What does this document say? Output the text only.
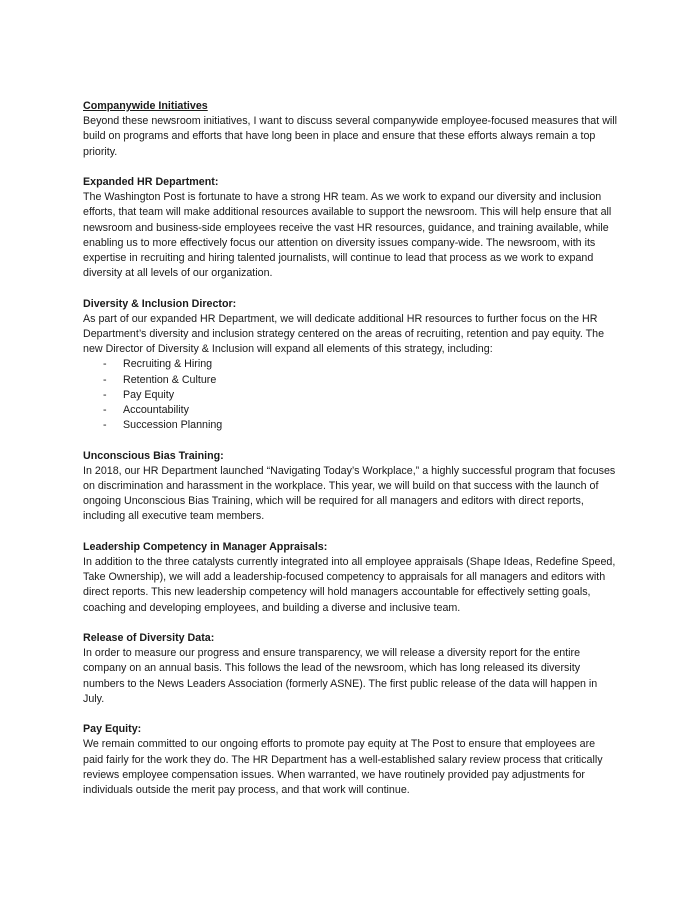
Companywide Initiatives

Beyond these newsroom initiatives, I want to discuss several companywide employee-focused measures that will build on programs and efforts that have long been in place and ensure that these efforts always remain a top priority.

Expanded HR Department:

The Washington Post is fortunate to have a strong HR team. As we work to expand our diversity and inclusion efforts, that team will make additional resources available to support the newsroom. This will help ensure that all newsroom and business-side employees receive the vast HR resources, guidance, and training available, while enabling us to more effectively focus our attention on diversity issues company-wide. The newsroom, with its expertise in recruiting and hiring talented journalists, will continue to lead that process as we work to expand diversity at all levels of our organization.

Diversity & Inclusion Director:

As part of our expanded HR Department, we will dedicate additional HR resources to further focus on the HR Department’s diversity and inclusion strategy centered on the areas of recruiting, retention and pay equity. The new Director of Diversity & Inclusion will expand all elements of this strategy, including:

-	Recruiting & Hiring
-	Retention & Culture
-	Pay Equity
-	Accountability
-	Succession Planning

Unconscious Bias Training:

In 2018, our HR Department launched “Navigating Today’s Workplace,” a highly successful program that focuses on discrimination and harassment in the workplace. This year, we will build on that success with the launch of ongoing Unconscious Bias Training, which will be required for all managers and editors with direct reports, including all executive team members.

Leadership Competency in Manager Appraisals:

In addition to the three catalysts currently integrated into all employee appraisals (Shape Ideas, Redefine Speed, Take Ownership), we will add a leadership-focused competency to appraisals for all managers and editors with direct reports. This new leadership competency will hold managers accountable for effectively setting goals, coaching and developing employees, and building a diverse and inclusive team.

Release of Diversity Data:

In order to measure our progress and ensure transparency, we will release a diversity report for the entire company on an annual basis. This follows the lead of the newsroom, which has long released its diversity numbers to the News Leaders Association (formerly ASNE). The first public release of the data will happen in July.

Pay Equity:

We remain committed to our ongoing efforts to promote pay equity at The Post to ensure that employees are paid fairly for the work they do. The HR Department has a well-established salary review process that critically reviews employee compensation issues. When warranted, we have routinely provided pay adjustments for individuals outside the merit pay process, and that work will continue.
